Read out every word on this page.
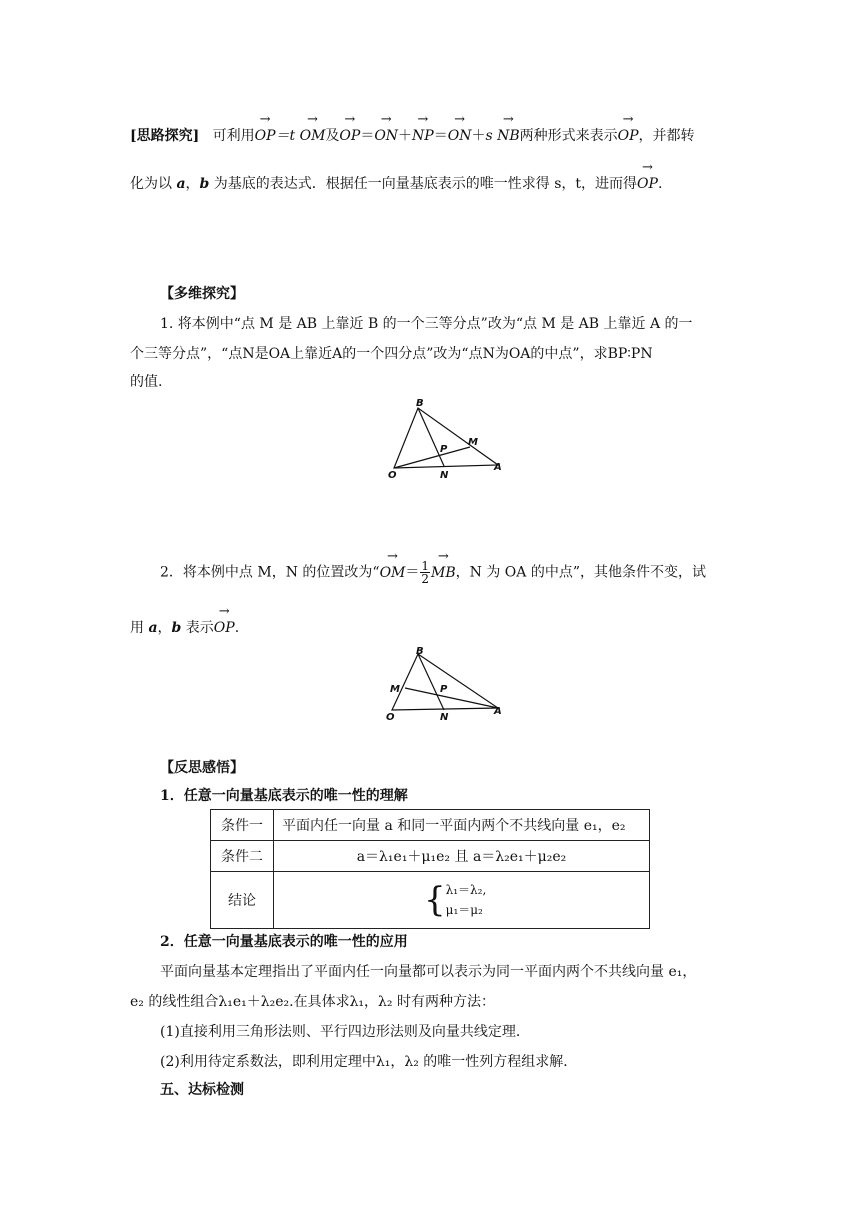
[思路探究] 可利用→ OP＝t → OM及→ OP＝→ ON＋→ NP＝→ ON＋s → NB两种形式来表示→ OP，并都转
化为以 a，b 为基底的表达式．根据任一向量基底表示的唯一性求得 s，t，进而得→ OP.
【多维探究】
1. 将本例中“点 M 是 AB 上靠近 B 的一个三等分点”改为“点 M 是 AB 上靠近 A 的一
个三等分点”，“点N是OA上靠近A的一个四分点”改为“点N为OA的中点”，求BP∶PN
的值.
B
M
P
O	N
A
2．将本例中点 M，N 的位置改为“→ $OM= \frac{1}{2}$ → MB，N 为 OA 的中点”，其他条件不变，试
用 a，b 表示→ OP.
B
M	P
O	N
A
【反思感悟】
1．任意一向量基底表示的唯一性的理解
条件一	平面内任一向量 a 和同一平面内两个不共线向量 e₁，e₂
条件二	a＝λ₁e₁＋μ₁e₂ 且 a＝λ₂e₁＋μ₂e₂
结论	{ λ₁＝λ₂,
μ₁＝μ₂
2．任意一向量基底表示的唯一性的应用
平面向量基本定理指出了平面内任一向量都可以表示为同一平面内两个不共线向量 e₁，
e₂ 的线性组合λ₁e₁＋λ₂e₂.在具体求λ₁，λ₂ 时有两种方法：
(1)直接利用三角形法则、平行四边形法则及向量共线定理．
(2)利用待定系数法，即利用定理中λ₁，λ₂ 的唯一性列方程组求解．
五、达标检测
